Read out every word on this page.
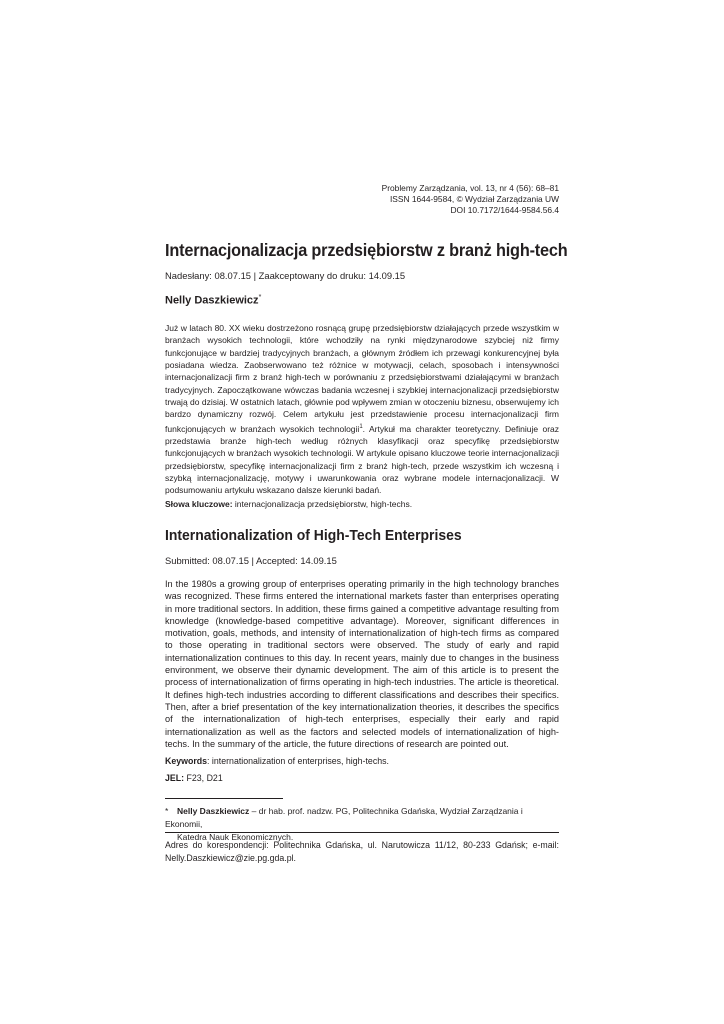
Problemy Zarządzania, vol. 13, nr 4 (56): 68–81
ISSN 1644-9584, © Wydział Zarządzania UW
DOI 10.7172/1644-9584.56.4
Internacjonalizacja przedsiębiorstw z branż high-tech
Nadesłany: 08.07.15 | Zaakceptowany do druku: 14.09.15
Nelly Daszkiewicz*
Już w latach 80. XX wieku dostrzeżono rosnącą grupę przedsiębiorstw działających przede wszystkim w branżach wysokich technologii, które wchodziły na rynki międzynarodowe szybciej niż firmy funkcjonujące w bardziej tradycyjnych branżach, a głównym źródłem ich przewagi konkurencyjnej była posiadana wiedza. Zaobserwowano też różnice w motywacji, celach, sposobach i intensywności internacjonalizacji firm z branż high-tech w porównaniu z przedsiębiorstwami działającymi w branżach tradycyjnych. Zapoczątkowane wówczas badania wczesnej i szybkiej internacjonalizacji przedsiębiorstw trwają do dzisiaj. W ostatnich latach, głównie pod wpływem zmian w otoczeniu biznesu, obserwujemy ich bardzo dynamiczny rozwój. Celem artykułu jest przedstawienie procesu internacjonalizacji firm funkcjonujących w branżach wysokich technologii$^1$. Artykuł ma charakter teoretyczny. Definiuje oraz przedstawia branże high-tech według różnych klasyfikacji oraz specyfikę przedsiębiorstw funkcjonujących w branżach wysokich technologii. W artykule opisano kluczowe teorie internacjonalizacji przedsiębiorstw, specyfikę internacjonalizacji firm z branż high-tech, przede wszystkim ich wczesną i szybką internacjonalizację, motywy i uwarunkowania oraz wybrane modele internacjonalizacji. W podsumowaniu artykułu wskazano dalsze kierunki badań.
Słowa kluczowe: internacjonalizacja przedsiębiorstw, high-techs.
Internationalization of High-Tech Enterprises
Submitted: 08.07.15 | Accepted: 14.09.15
In the 1980s a growing group of enterprises operating primarily in the high technology branches was recognized. These firms entered the international markets faster than enterprises operating in more traditional sectors. In addition, these firms gained a competitive advantage resulting from knowledge (knowledge-based competitive advantage). Moreover, significant differences in motivation, goals, methods, and intensity of internationalization of high-tech firms as compared to those operating in traditional sectors were observed. The study of early and rapid internationalization continues to this day. In recent years, mainly due to changes in the business environment, we observe their dynamic development. The aim of this article is to present the process of internationalization of firms operating in high-tech industries. The article is theoretical. It defines high-tech industries according to different classifications and describes their specifics. Then, after a brief presentation of the key internationalization theories, it describes the specifics of the internationalization of high-tech enterprises, especially their early and rapid internationalization as well as the factors and selected models of internationalization of high-techs. In the summary of the article, the future directions of research are pointed out.
Keywords: internationalization of enterprises, high-techs.
JEL: F23, D21
* Nelly Daszkiewicz – dr hab. prof. nadzw. PG, Politechnika Gdańska, Wydział Zarządzania i Ekonomii,
Katedra Nauk Ekonomicznych.
Adres do korespondencji: Politechnika Gdańska, ul. Narutowicza 11/12, 80-233 Gdańsk; e-mail: Nelly.Daszkiewicz@zie.pg.gda.pl.
